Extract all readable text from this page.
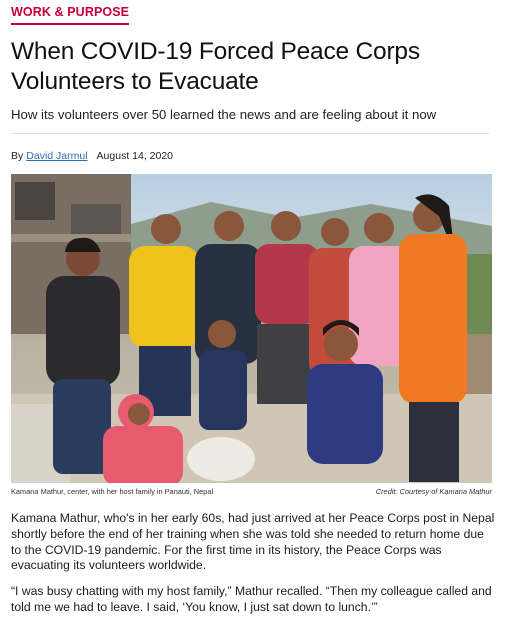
WORK & PURPOSE
When COVID-19 Forced Peace Corps Volunteers to Evacuate
How its volunteers over 50 learned the news and are feeling about it now
By David Jarmul August 14, 2020
Kamana Mathur, center, with her host family in Panauti, Nepal	Credit: Courtesy of Kamana Mathur

Kamana Mathur, who's in her early 60s, had just arrived at her Peace Corps post in Nepal shortly before the end of her training when she was told she needed to return home due to the COVID-19 pandemic. For the first time in its history, the Peace Corps was evacuating its volunteers worldwide.

“I was busy chatting with my host family,” Mathur recalled. “Then my colleague called and told me we had to leave. I said, ‘You know, I just sat down to lunch.’”
